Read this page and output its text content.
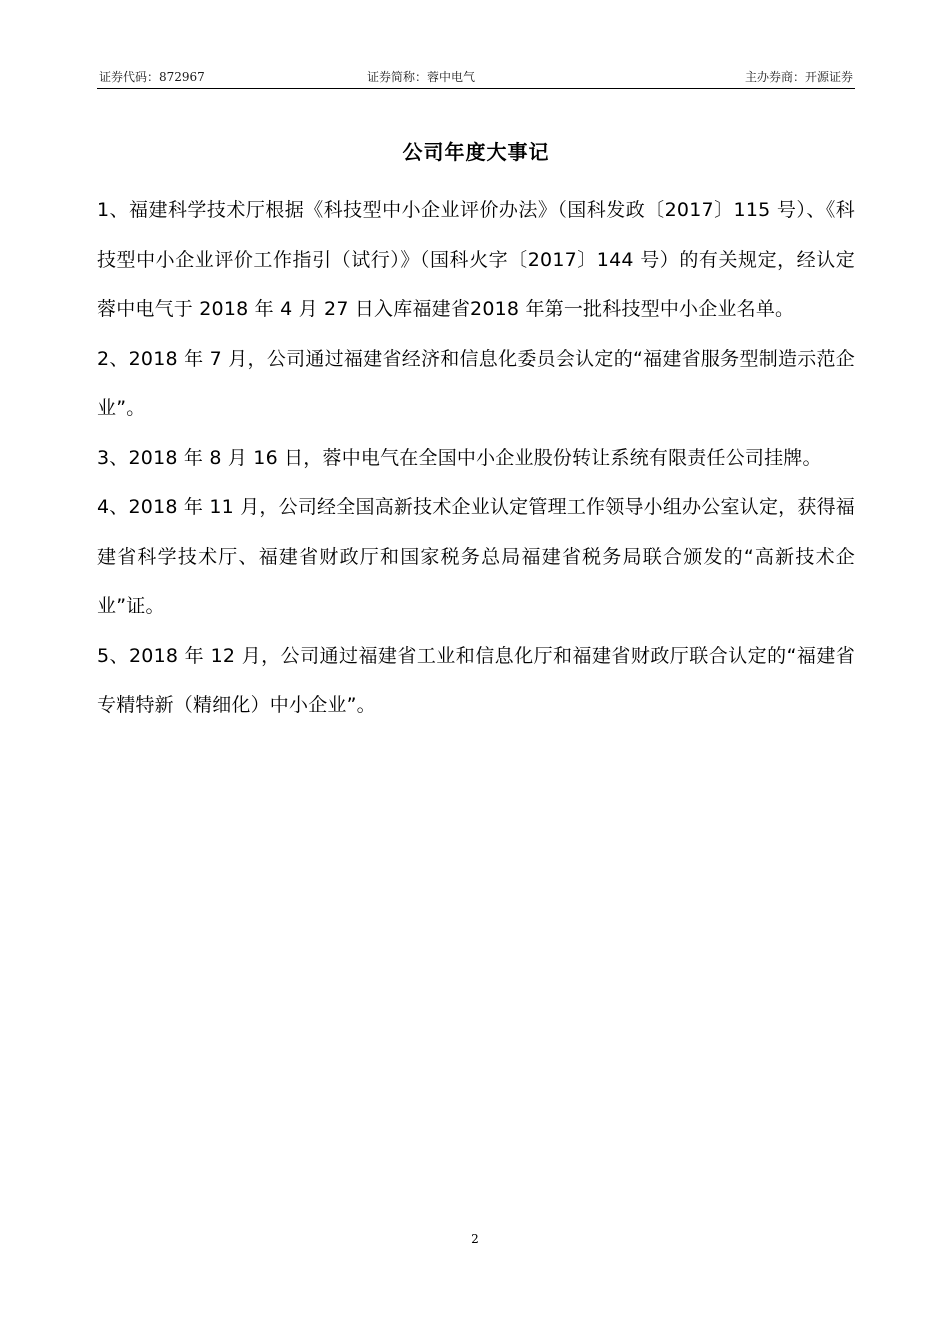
证券代码：872967	证券简称：蓉中电气	主办券商：开源证券
公司年度大事记

1、福建科学技术厅根据《科技型中小企业评价办法》（国科发政〔2017〕115 号）、《科技型中小企业评价工作指引（试行）》（国科火字〔2017〕144 号）的有关规定，经认定蓉中电气于 2018 年 4 月 27 日入库福建省2018 年第一批科技型中小企业名单。

2、2018 年 7 月，公司通过福建省经济和信息化委员会认定的“福建省服务型制造示范企业”。

3、2018 年 8 月 16 日，蓉中电气在全国中小企业股份转让系统有限责任公司挂牌。

4、2018 年 11 月，公司经全国高新技术企业认定管理工作领导小组办公室认定，获得福建省科学技术厅、福建省财政厅和国家税务总局福建省税务局联合颁发的“高新技术企业”证。

5、2018 年 12 月，公司通过福建省工业和信息化厅和福建省财政厅联合认定的“福建省专精特新（精细化）中小企业”。

2
